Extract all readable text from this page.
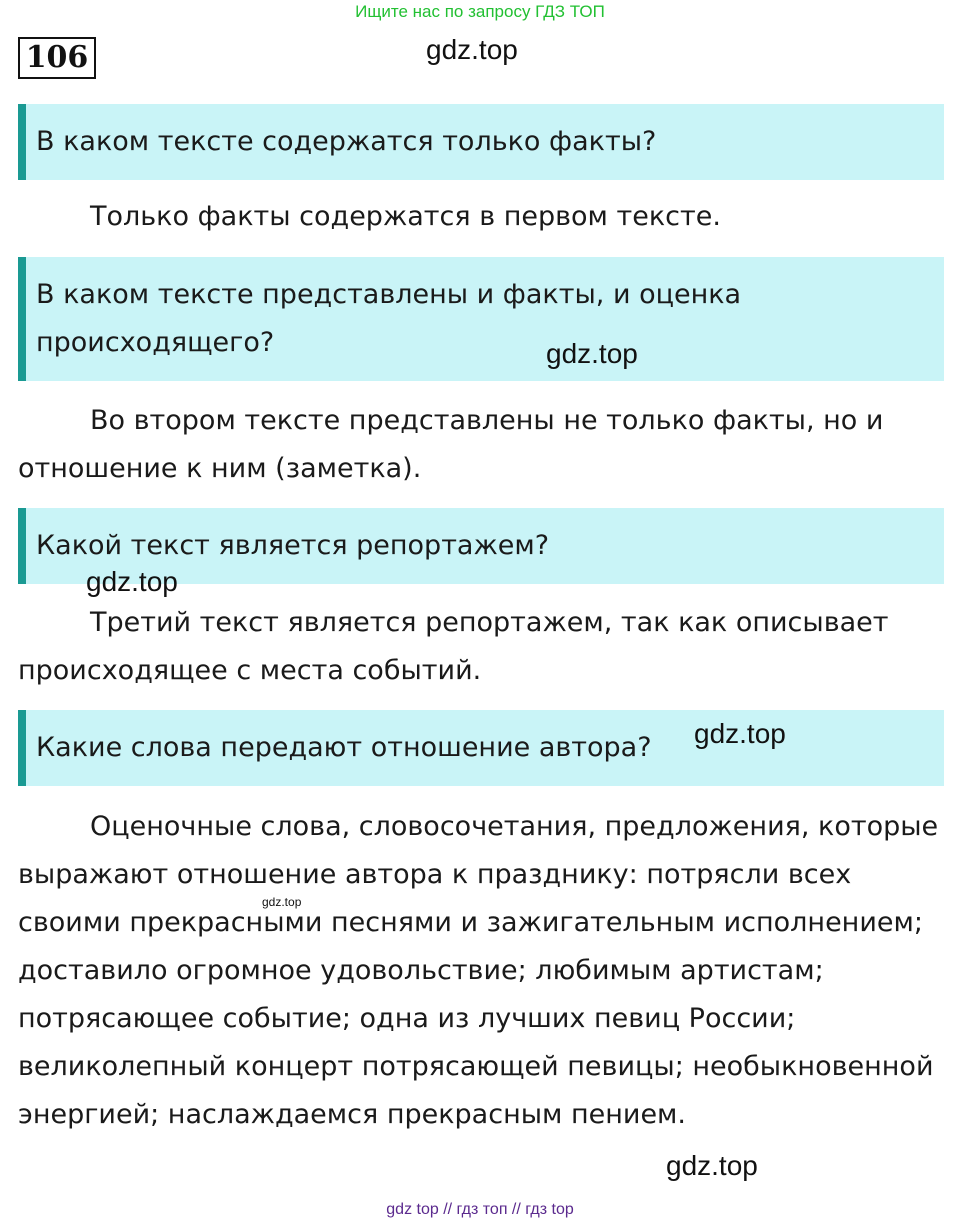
Ищите нас по запросу ГДЗ ТОП
106	gdz.top
В каком тексте содержатся только факты?

Только факты содержатся в первом тексте.

В каком тексте представлены и факты, и оценка
происходящего?	gdz.top

Во втором тексте представлены не только факты, но и отношение к ним (заметка).

Какой текст является репортажем?
gdz.top

Третий текст является репортажем, так как описывает происходящее с места событий.

Какие слова передают отношение автора?	gdz.top

Оценочные слова, словосочетания, предложения, которые выражают отношение автора к празднику: потрясли всех своими прекрасными песнями и зажигательным исполнением; доставило огромное удовольствие; любимым артистам; потрясающее событие; одна из лучших певиц России; великолепный концерт потрясающей певицы; необыкновенной энергией; наслаждаемся прекрасным пением.

gdz.top
gdz.top
gdz top // гдз топ // гдз top
